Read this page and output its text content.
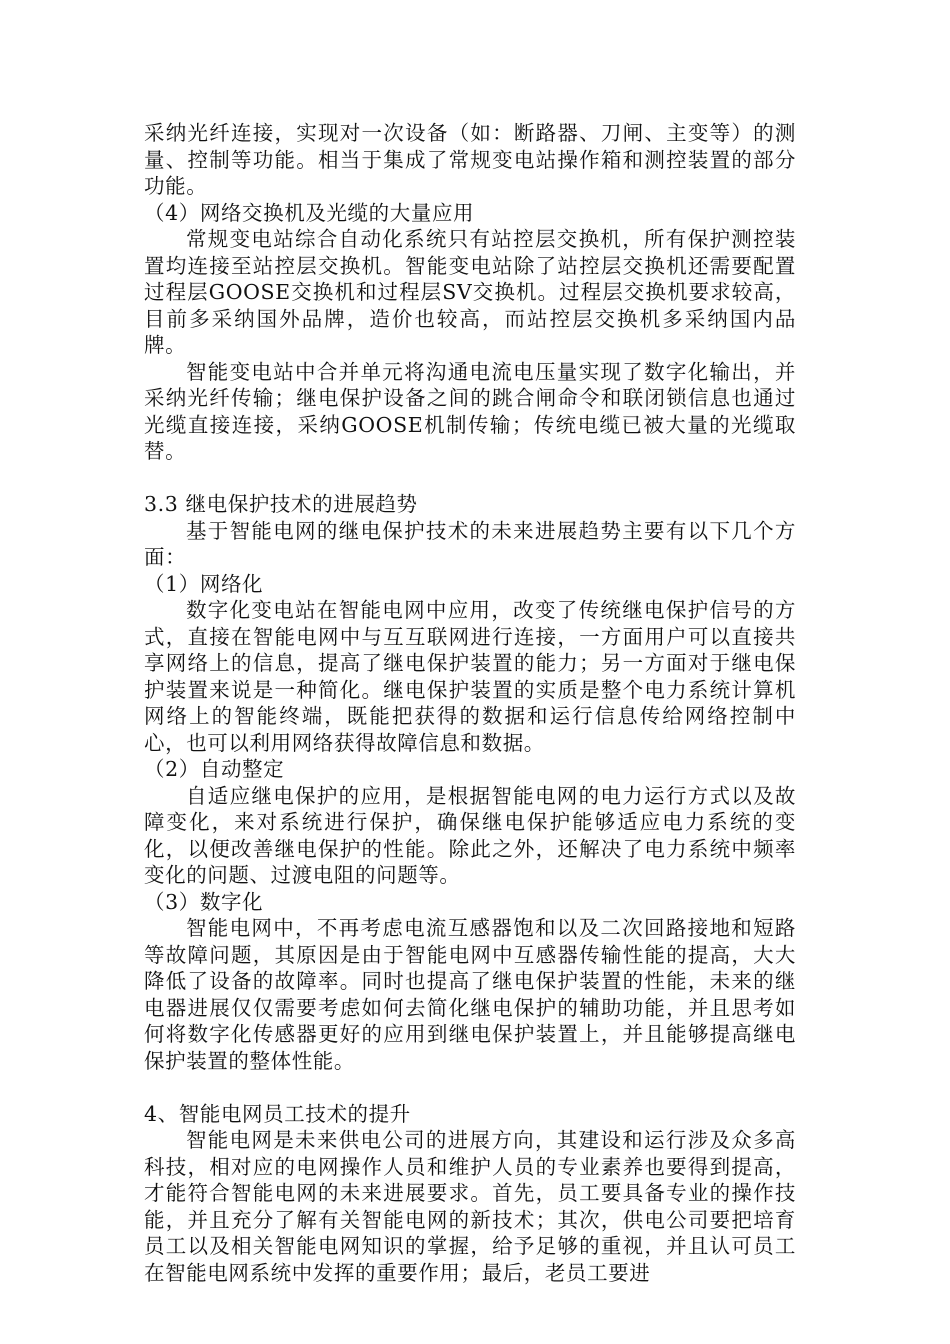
采纳光纤连接，实现对一次设备（如：断路器、刀闸、主变等）的测量、控制等功能。相当于集成了常规变电站操作箱和测控装置的部分功能。

（4）网络交换机及光缆的大量应用

常规变电站综合自动化系统只有站控层交换机，所有保护测控装置均连接至站控层交换机。智能变电站除了站控层交换机还需要配置过程层GOOSE交换机和过程层SV交换机。过程层交换机要求较高，目前多采纳国外品牌，造价也较高，而站控层交换机多采纳国内品牌。

智能变电站中合并单元将沟通电流电压量实现了数字化输出，并采纳光纤传输；继电保护设备之间的跳合闸命令和联闭锁信息也通过光缆直接连接，采纳GOOSE机制传输；传统电缆已被大量的光缆取替。

3.3 继电保护技术的进展趋势

基于智能电网的继电保护技术的未来进展趋势主要有以下几个方面：

（1）网络化

数字化变电站在智能电网中应用，改变了传统继电保护信号的方式，直接在智能电网中与互互联网进行连接，一方面用户可以直接共享网络上的信息，提高了继电保护装置的能力；另一方面对于继电保护装置来说是一种简化。继电保护装置的实质是整个电力系统计算机网络上的智能终端，既能把获得的数据和运行信息传给网络控制中心，也可以利用网络获得故障信息和数据。

（2）自动整定

自适应继电保护的应用，是根据智能电网的电力运行方式以及故障变化，来对系统进行保护，确保继电保护能够适应电力系统的变化，以便改善继电保护的性能。除此之外，还解决了电力系统中频率变化的问题、过渡电阻的问题等。

（3）数字化

智能电网中，不再考虑电流互感器饱和以及二次回路接地和短路等故障问题，其原因是由于智能电网中互感器传输性能的提高，大大降低了设备的故障率。同时也提高了继电保护装置的性能，未来的继电器进展仅仅需要考虑如何去简化继电保护的辅助功能，并且思考如何将数字化传感器更好的应用到继电保护装置上，并且能够提高继电保护装置的整体性能。

4、智能电网员工技术的提升

智能电网是未来供电公司的进展方向，其建设和运行涉及众多高科技，相对应的电网操作人员和维护人员的专业素养也要得到提高，才能符合智能电网的未来进展要求。首先，员工要具备专业的操作技能，并且充分了解有关智能电网的新技术；其次，供电公司要把培育员工以及相关智能电网知识的掌握，给予足够的重视，并且认可员工在智能电网系统中发挥的重要作用；最后，老员工要进
